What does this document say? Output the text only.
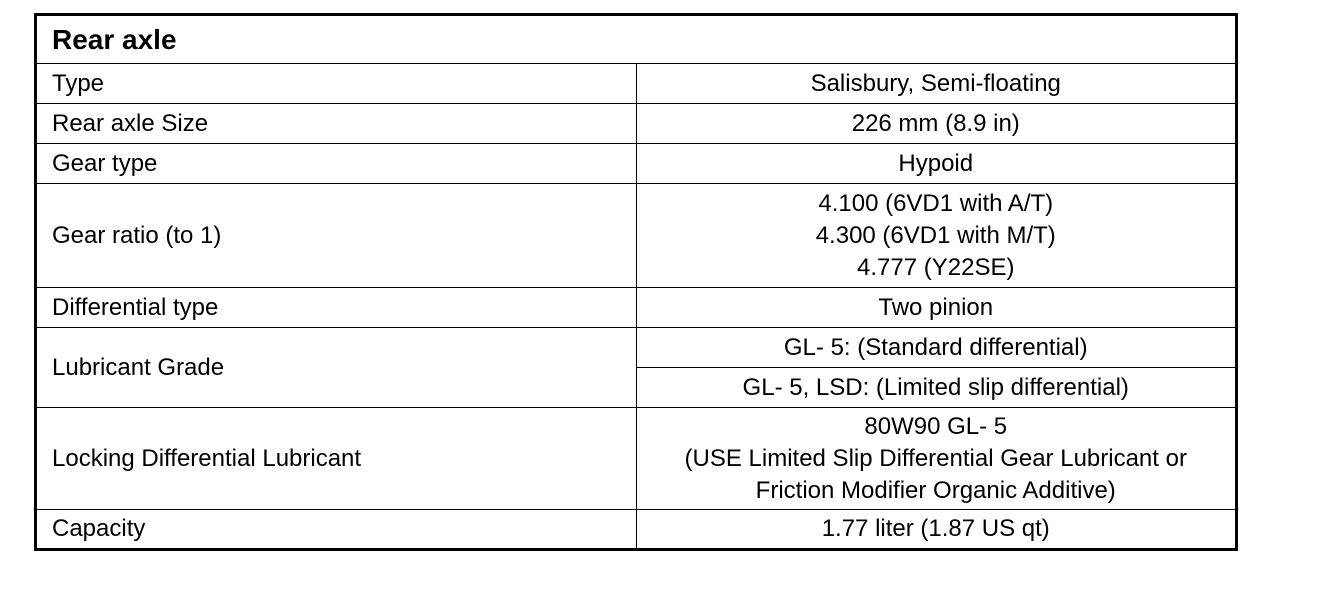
Rear axle	
Type	Salisbury, Semi-floating
Rear axle Size	226 mm (8.9 in)
Gear type	Hypoid
Gear ratio (to 1)	4.100 (6VD1 with A/T)
4.300 (6VD1 with M/T)
4.777 (Y22SE)

Differential type	Two pinion
Lubricant Grade	GL- 5: (Standard differential)
	GL- 5, LSD: (Limited slip differential)
Locking Differential Lubricant	80W90 GL- 5
(USE Limited Slip Differential Gear Lubricant or
Friction Modifier Organic Additive)

Capacity	1.77 liter (1.87 US qt)
